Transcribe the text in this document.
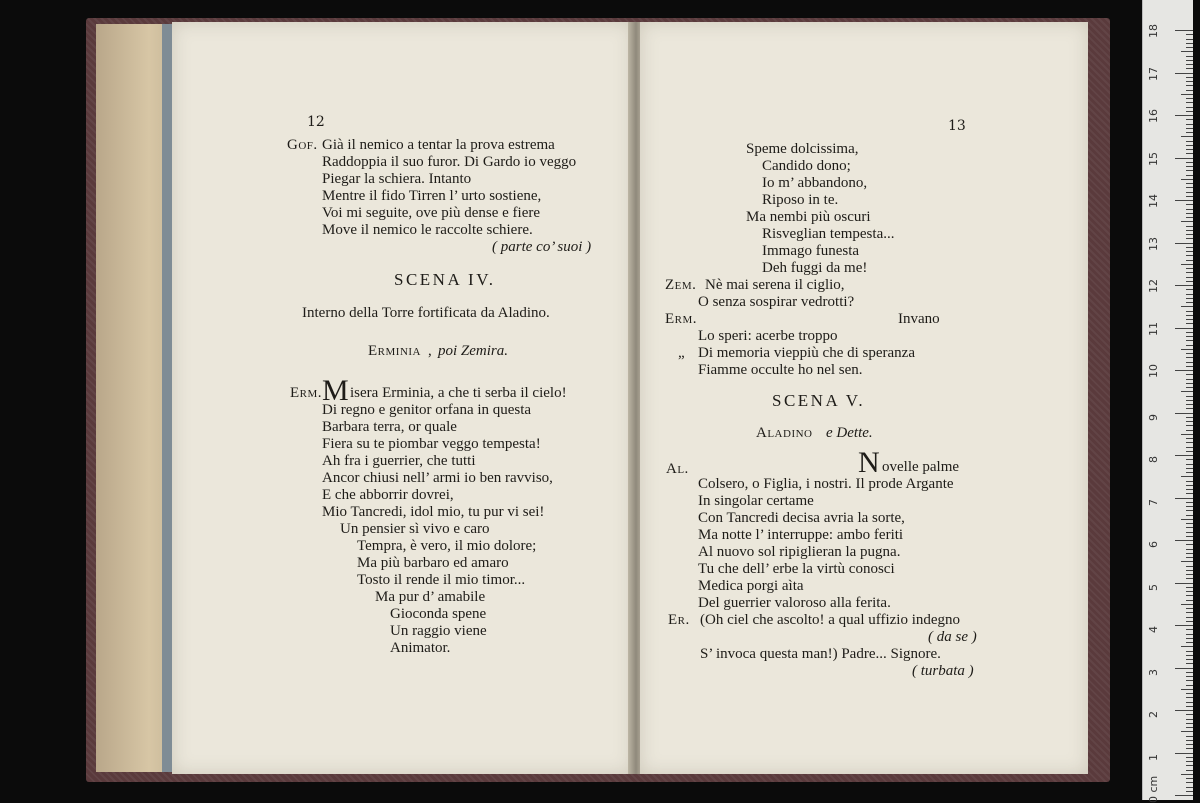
12
Gof. Già il nemico a tentar la prova estrema
Raddoppia il suo furor. Di Gardo io veggo
Piegar la schiera. Intanto
Mentre il fido Tirren l’ urto sostiene,
Voi mi seguite, ove più dense e fiere
Move il nemico le raccolte schiere.
( parte co’ suoi )
SCENA IV.
Interno della Torre fortificata da Aladino.
Erminia , poi Zemira.
Erm. M isera Erminia, a che ti serba il cielo!
Di regno e genitor orfana in questa
Barbara terra, or quale
Fiera su te piombar veggo tempesta!
Ah fra i guerrier, che tutti
Ancor chiusi nell’ armi io ben ravviso,
E che abborrir dovrei,
Mio Tancredi, idol mio, tu pur vi sei!
Un pensier sì vivo e caro
Tempra, è vero, il mio dolore;
Ma più barbaro ed amaro
Tosto il rende il mio timor...
Ma pur d’ amabile
Gioconda spene
Un raggio viene
Animator.
13
Speme dolcissima,
Candido dono;
Io m’ abbandono,
Riposo in te.
Ma nembi più oscuri
Risveglian tempesta...
Immago funesta
Deh fuggi da me!
Zem. Nè mai serena il ciglio,
O senza sospirar vedrotti?
Erm.	Invano
Lo speri: acerbe troppo
„ Di memoria vieppiù che di speranza
Fiamme occulte ho nel sen.
SCENA V.
Aladino e Dette.
Al.	N ovelle palme
Colsero, o Figlia, i nostri. Il prode Argante
In singolar certame
Con Tancredi decisa avria la sorte,
Ma notte l’ interruppe: ambo feriti
Al nuovo sol ripiglieran la pugna.
Tu che dell’ erbe la virtù conosci
Medica porgi aìta
Del guerrier valoroso alla ferita.
Er. (Oh ciel che ascolto! a qual uffizio indegno
( da se )
S’ invoca questa man!) Padre... Signore.
( turbata )
18
17
16
15
14
13
12
11
10
9
8
7
6
5
4
3
2
1
0 cm
